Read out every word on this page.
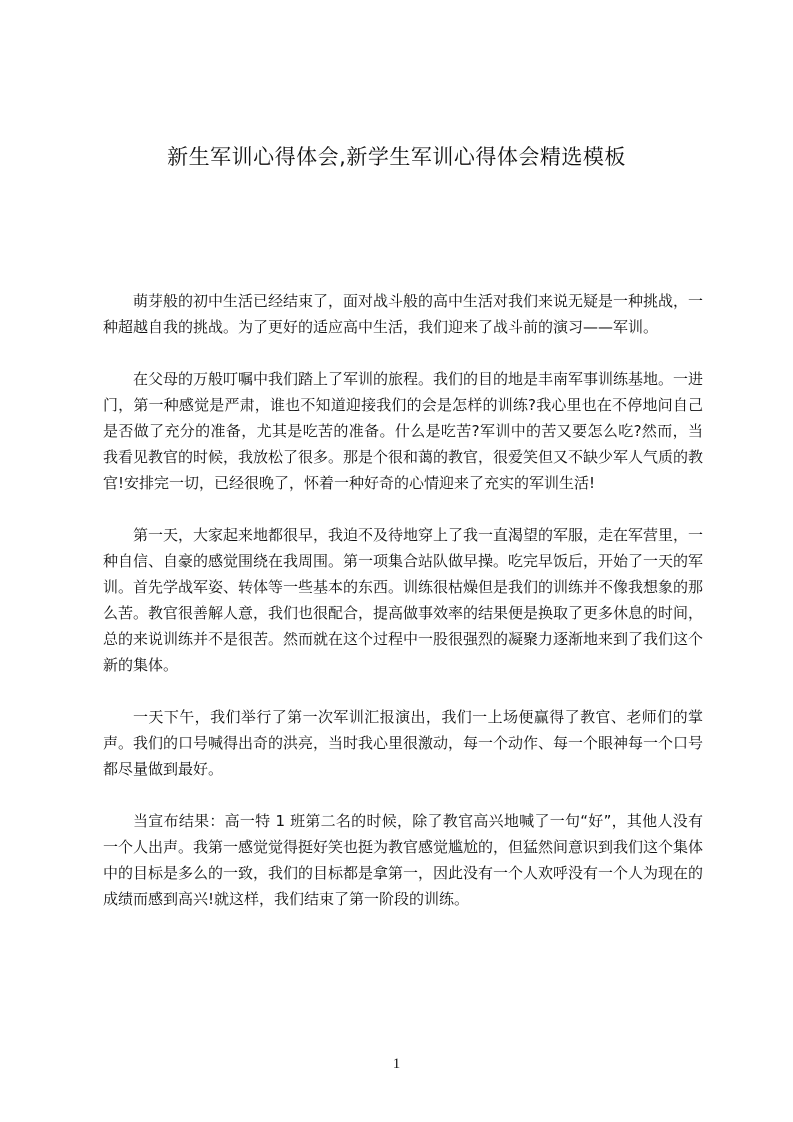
新生军训心得体会,新学生军训心得体会精选模板

萌芽般的初中生活已经结束了，面对战斗般的高中生活对我们来说无疑是一种挑战，一种超越自我的挑战。为了更好的适应高中生活，我们迎来了战斗前的演习——军训。

在父母的万般叮嘱中我们踏上了军训的旅程。我们的目的地是丰南军事训练基地。一进门，第一种感觉是严肃，谁也不知道迎接我们的会是怎样的训练?我心里也在不停地问自己是否做了充分的准备，尤其是吃苦的准备。什么是吃苦?军训中的苦又要怎么吃?然而，当我看见教官的时候，我放松了很多。那是个很和蔼的教官，很爱笑但又不缺少军人气质的教官!安排完一切，已经很晚了，怀着一种好奇的心情迎来了充实的军训生活!

第一天，大家起来地都很早，我迫不及待地穿上了我一直渴望的军服，走在军营里，一种自信、自豪的感觉围绕在我周围。第一项集合站队做早操。吃完早饭后，开始了一天的军训。首先学战军姿、转体等一些基本的东西。训练很枯燥但是我们的训练并不像我想象的那么苦。教官很善解人意，我们也很配合，提高做事效率的结果便是换取了更多休息的时间，总的来说训练并不是很苦。然而就在这个过程中一股很强烈的凝聚力逐渐地来到了我们这个新的集体。

一天下午，我们举行了第一次军训汇报演出，我们一上场便赢得了教官、老师们的掌声。我们的口号喊得出奇的洪亮，当时我心里很激动，每一个动作、每一个眼神每一个口号都尽量做到最好。

当宣布结果：高一特 1 班第二名的时候，除了教官高兴地喊了一句“好”，其他人没有一个人出声。我第一感觉觉得挺好笑也挺为教官感觉尴尬的，但猛然间意识到我们这个集体中的目标是多么的一致，我们的目标都是拿第一，因此没有一个人欢呼没有一个人为现在的成绩而感到高兴!就这样，我们结束了第一阶段的训练。

1
